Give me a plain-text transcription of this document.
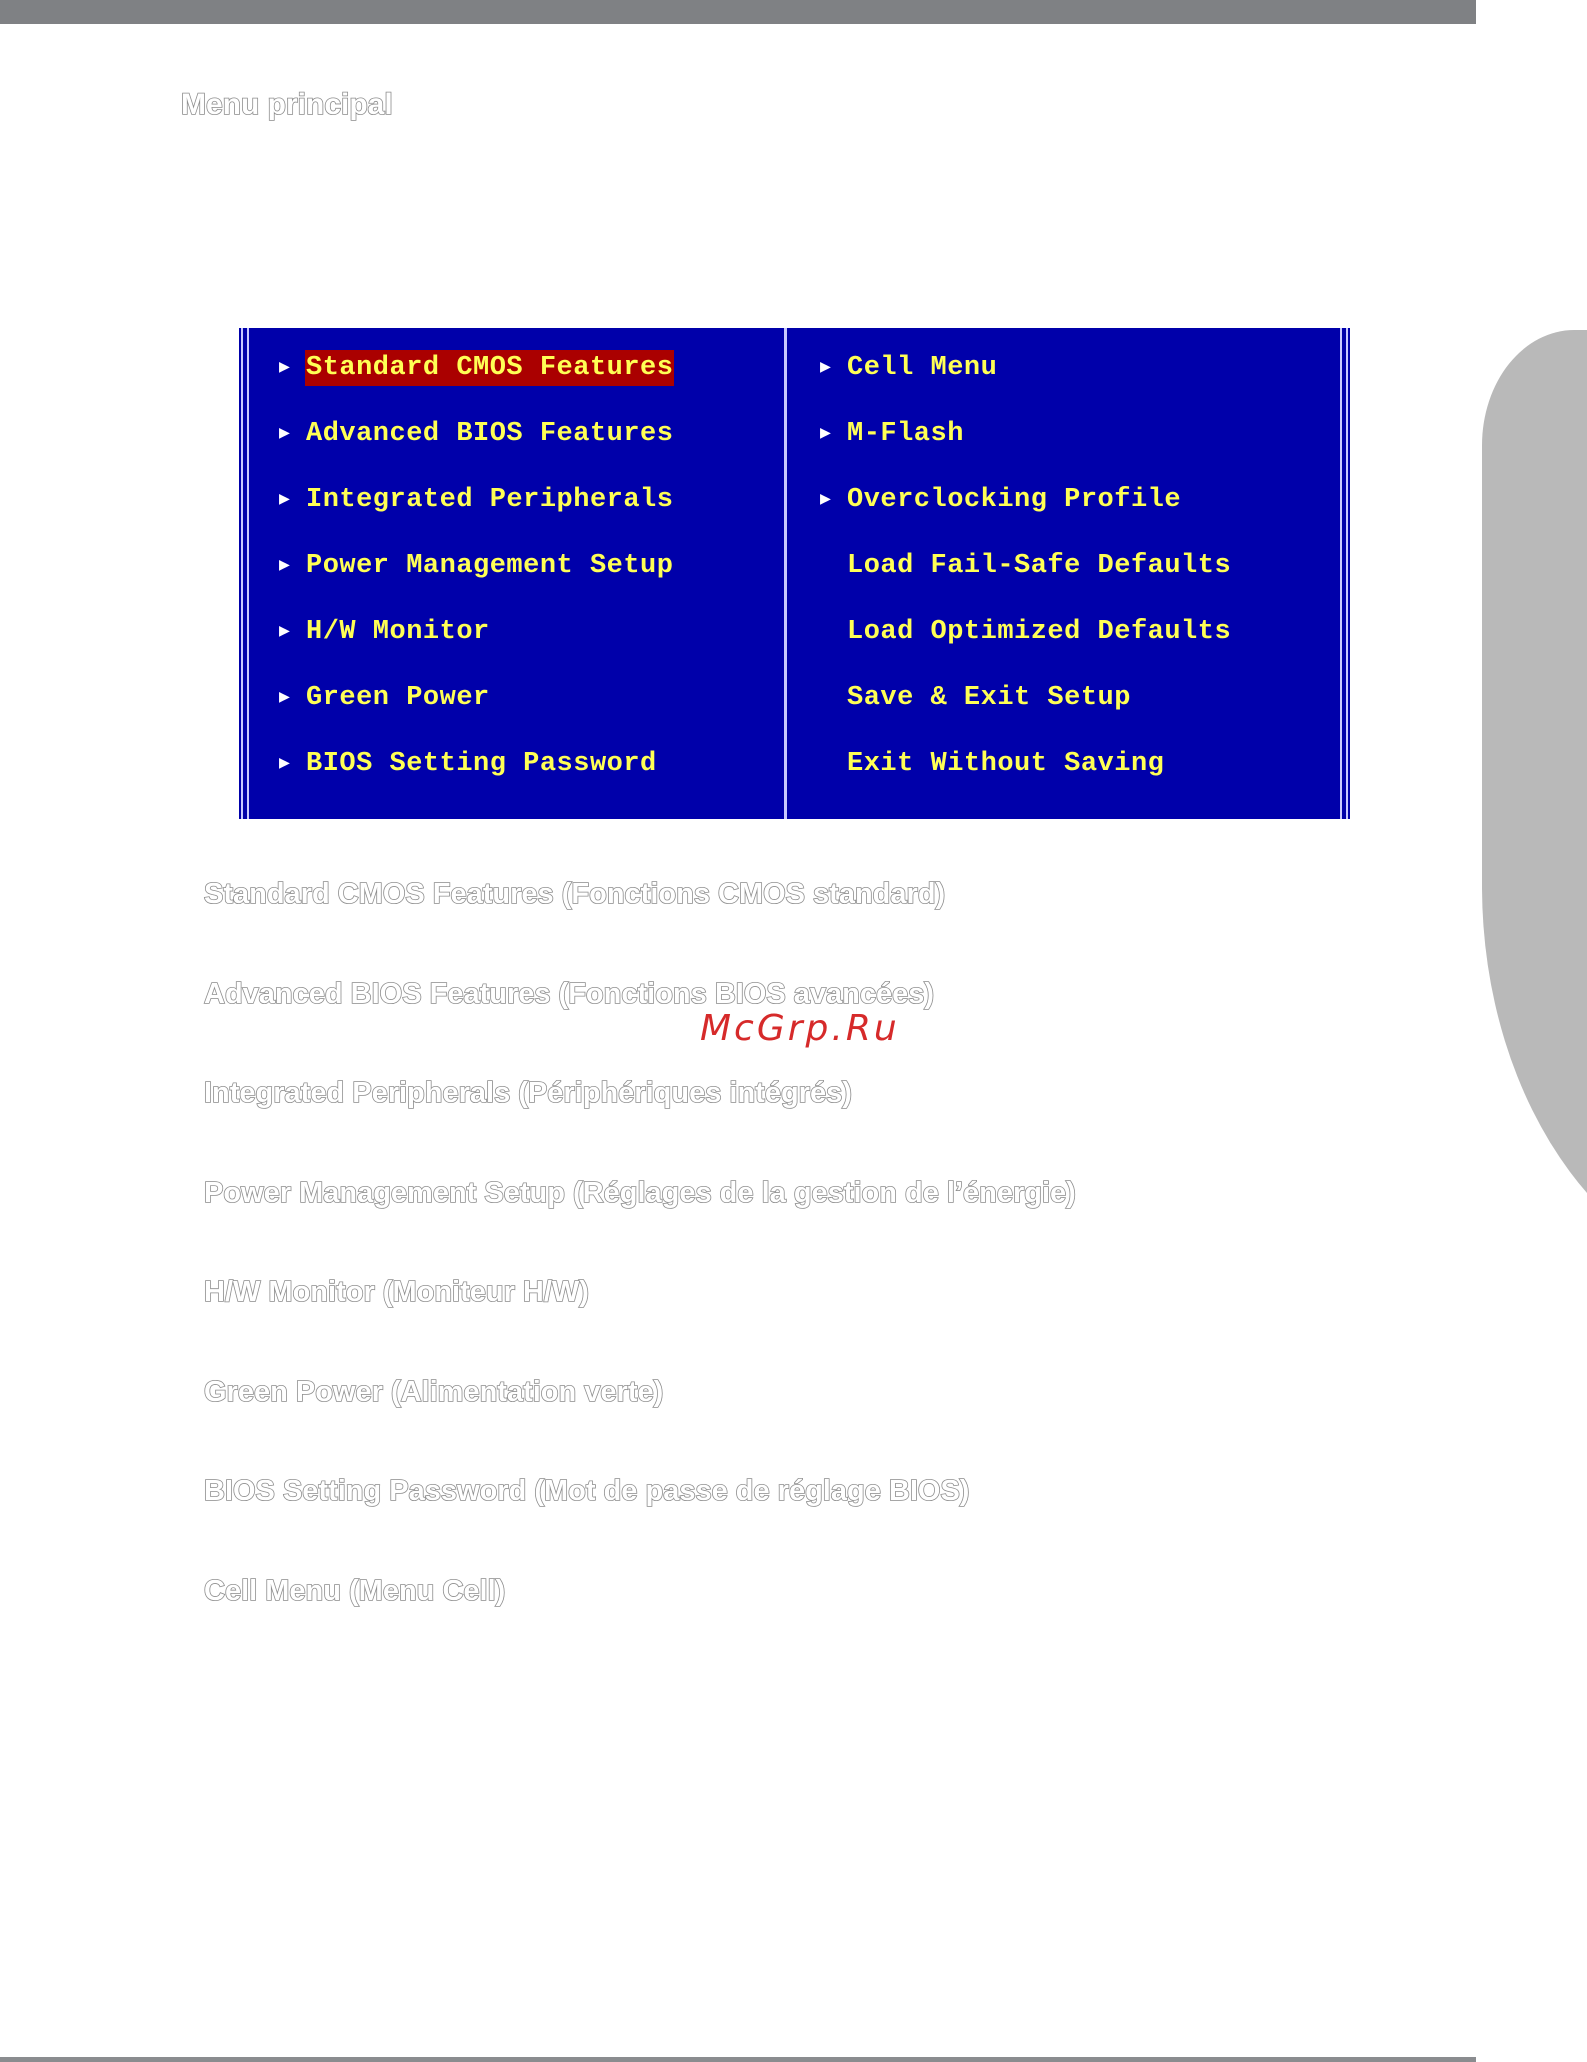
Menu principal
▶ Standard CMOS Features
▶ Advanced BIOS Features
▶ Integrated Peripherals
▶ Power Management Setup
▶ H/W Monitor
▶ Green Power
▶ BIOS Setting Password
▶ Cell Menu
▶ M-Flash
▶ Overclocking Profile
Load Fail-Safe Defaults
Load Optimized Defaults
Save & Exit Setup
Exit Without Saving
McGrp.Ru
Standard CMOS Features (Fonctions CMOS standard)
Advanced BIOS Features (Fonctions BIOS avancées)
Integrated Peripherals (Périphériques intégrés)
Power Management Setup (Réglages de la gestion de l’énergie)
H/W Monitor (Moniteur H/W)
Green Power (Alimentation verte)
BIOS Setting Password (Mot de passe de réglage BIOS)
Cell Menu (Menu Cell)
